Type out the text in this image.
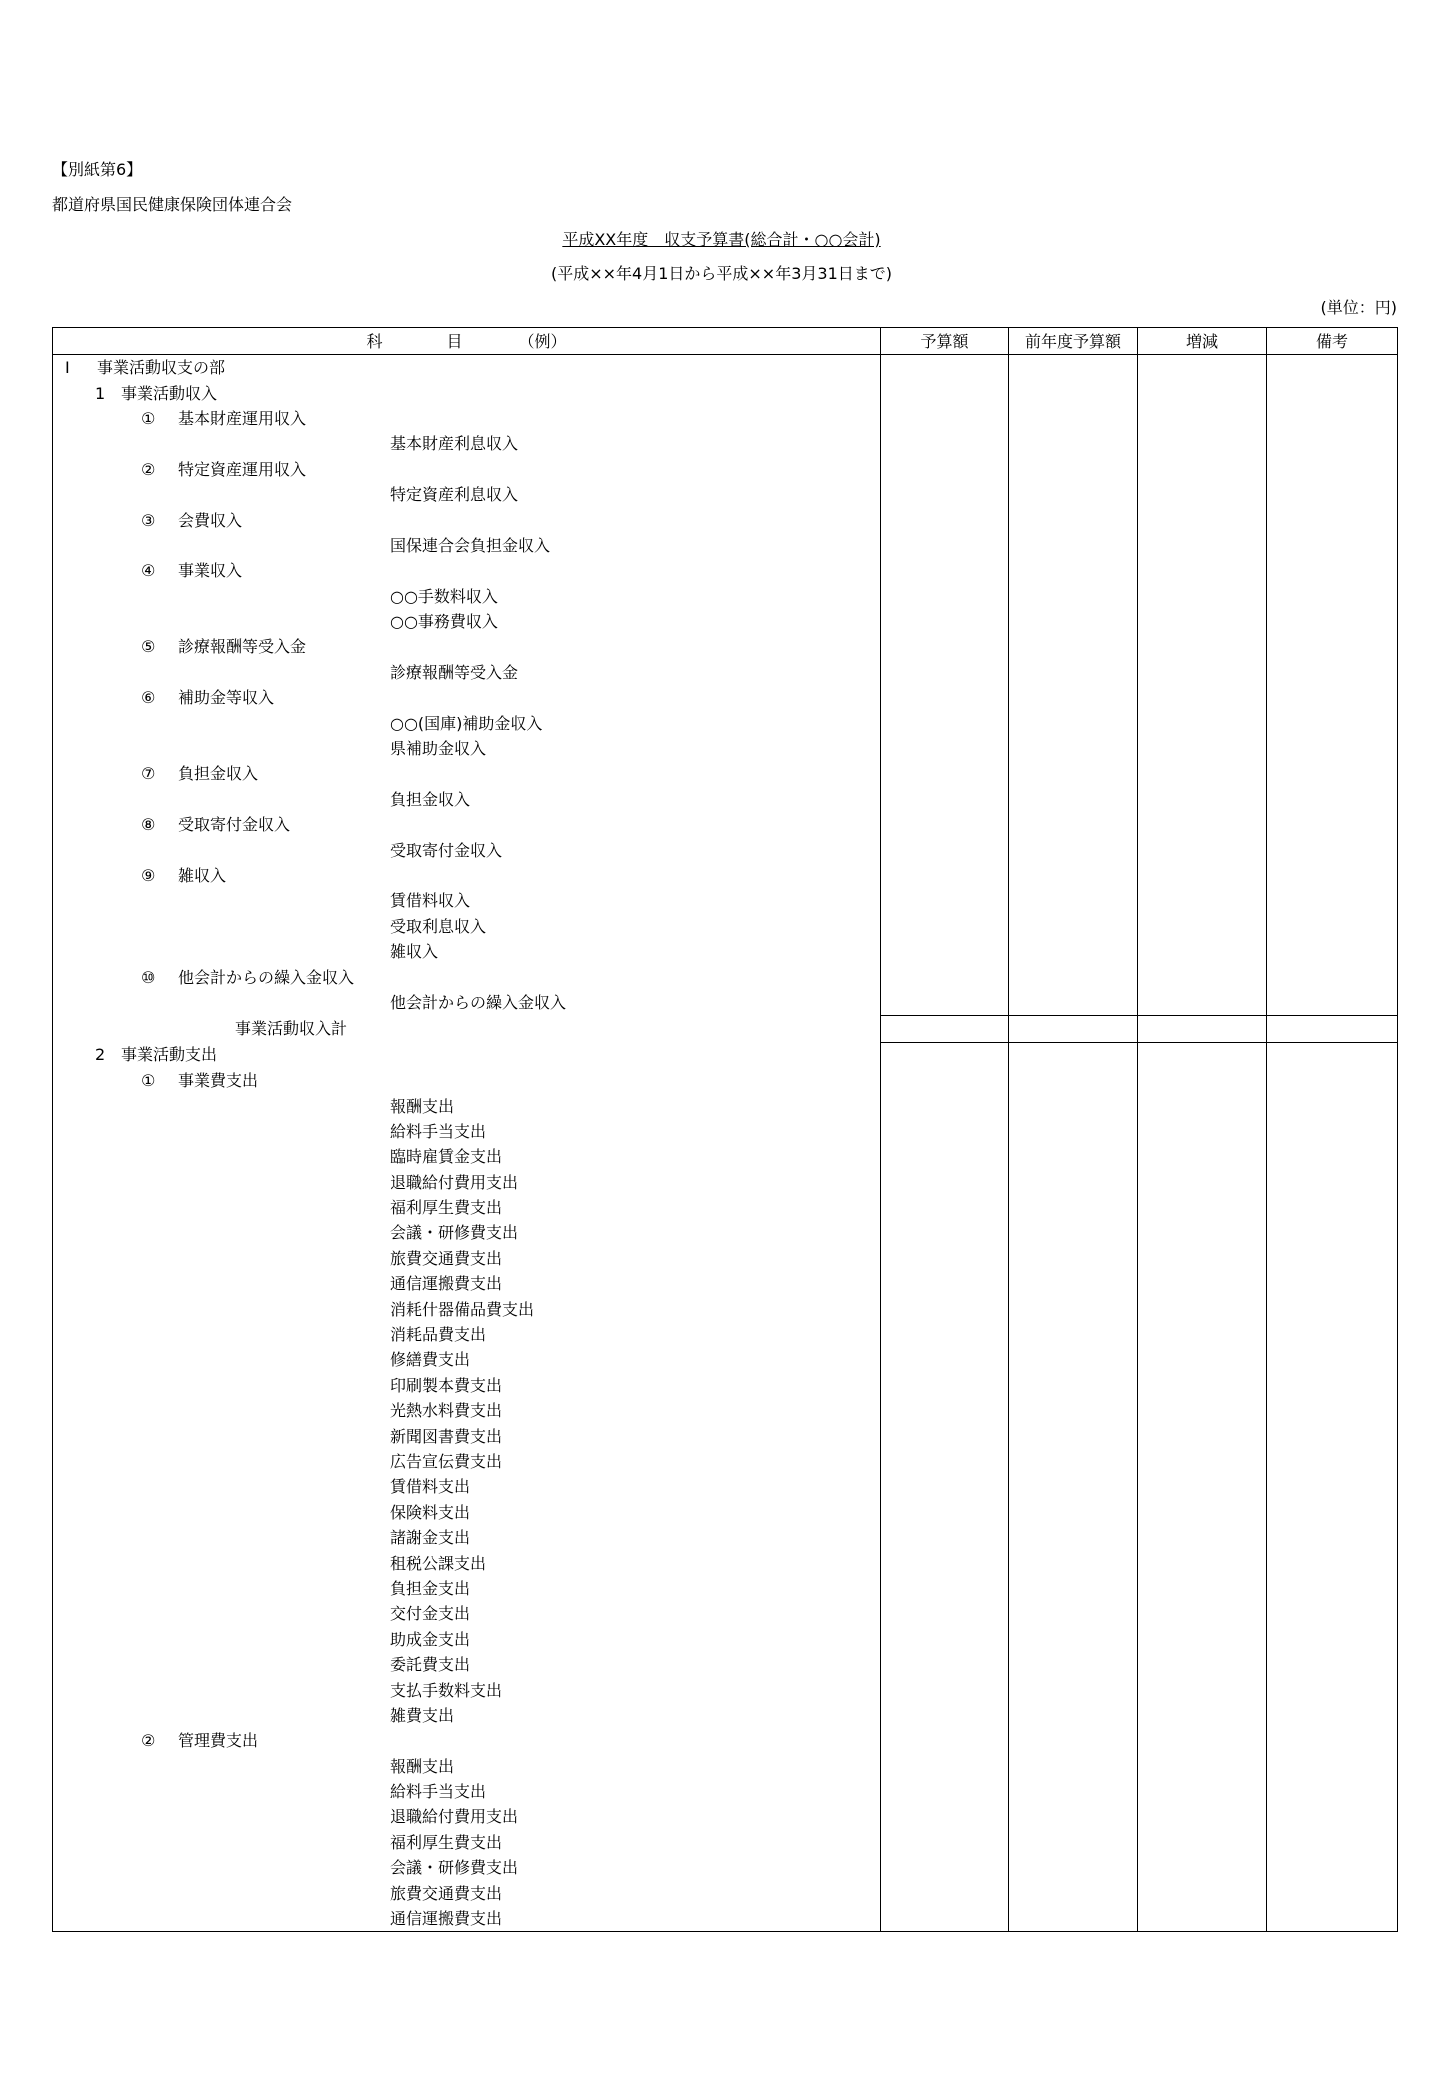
【別紙第6】
都道府県国民健康保険団体連合会
平成XX年度　収支予算書(総合計・○○会計)
(平成××年4月1日から平成××年3月31日まで)
(単位：円)
科　　　　目　　　　（例）	予算額	前年度予算額	増減	備考
Ⅰ 事業活動収支の部				
1 事業活動収入				
① 基本財産運用収入				
基本財産利息収入				
② 特定資産運用収入				
特定資産利息収入				
③ 会費収入				
国保連合会負担金収入				
④ 事業収入				
○○手数料収入				
○○事務費収入				
⑤ 診療報酬等受入金				
診療報酬等受入金				
⑥ 補助金等収入				
○○(国庫)補助金収入				
県補助金収入				
⑦ 負担金収入				
負担金収入				
⑧ 受取寄付金収入				
受取寄付金収入				
⑨ 雑収入				
賃借料収入				
受取利息収入				
雑収入				
⑩ 他会計からの繰入金収入				
他会計からの繰入金収入				
事業活動収入計				
2 事業活動支出				
① 事業費支出				
報酬支出				
給料手当支出				
臨時雇賃金支出				
退職給付費用支出				
福利厚生費支出				
会議・研修費支出				
旅費交通費支出				
通信運搬費支出				
消耗什器備品費支出				
消耗品費支出				
修繕費支出				
印刷製本費支出				
光熱水料費支出				
新聞図書費支出				
広告宣伝費支出				
賃借料支出				
保険料支出				
諸謝金支出				
租税公課支出				
負担金支出				
交付金支出				
助成金支出				
委託費支出				
支払手数料支出				
雑費支出				
② 管理費支出				
報酬支出				
給料手当支出				
退職給付費用支出				
福利厚生費支出				
会議・研修費支出				
旅費交通費支出				
通信運搬費支出				
